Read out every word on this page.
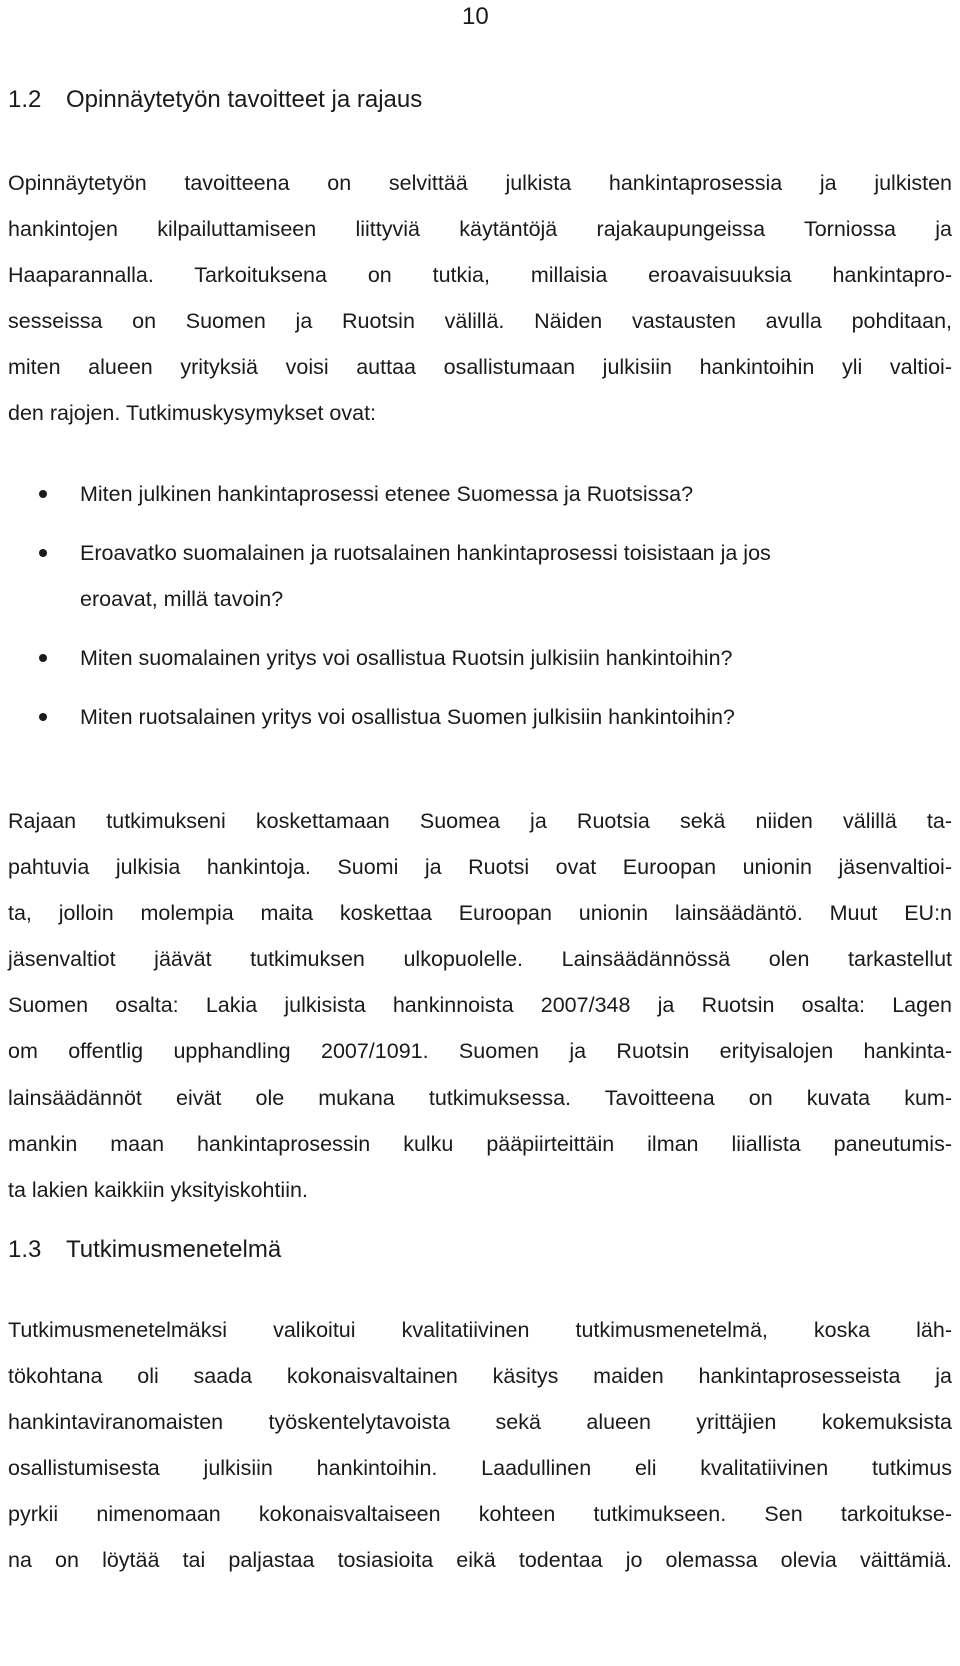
10
1.2 Opinnäytetyön tavoitteet ja rajaus
Opinnäytetyön tavoitteena on selvittää julkista hankintaprosessia ja julkisten
hankintojen kilpailuttamiseen liittyviä käytäntöjä rajakaupungeissa Torniossa ja
Haaparannalla. Tarkoituksena on tutkia, millaisia eroavaisuuksia hankintapro-
sesseissa on Suomen ja Ruotsin välillä. Näiden vastausten avulla pohditaan,
miten alueen yrityksiä voisi auttaa osallistumaan julkisiin hankintoihin yli valtioi-
den rajojen. Tutkimuskysymykset ovat:
Miten julkinen hankintaprosessi etenee Suomessa ja Ruotsissa?
Eroavatko suomalainen ja ruotsalainen hankintaprosessi toisistaan ja jos
eroavat, millä tavoin?
Miten suomalainen yritys voi osallistua Ruotsin julkisiin hankintoihin?
Miten ruotsalainen yritys voi osallistua Suomen julkisiin hankintoihin?
Rajaan tutkimukseni koskettamaan Suomea ja Ruotsia sekä niiden välillä ta-
pahtuvia julkisia hankintoja. Suomi ja Ruotsi ovat Euroopan unionin jäsenvaltioi-
ta, jolloin molempia maita koskettaa Euroopan unionin lainsäädäntö. Muut EU:n
jäsenvaltiot jäävät tutkimuksen ulkopuolelle. Lainsäädännössä olen tarkastellut
Suomen osalta: Lakia julkisista hankinnoista 2007/348 ja Ruotsin osalta: Lagen
om offentlig upphandling 2007/1091. Suomen ja Ruotsin erityisalojen hankinta-
lainsäädännöt eivät ole mukana tutkimuksessa. Tavoitteena on kuvata kum-
mankin maan hankintaprosessin kulku pääpiirteittäin ilman liiallista paneutumis-
ta lakien kaikkiin yksityiskohtiin.
1.3 Tutkimusmenetelmä
Tutkimusmenetelmäksi valikoitui kvalitatiivinen tutkimusmenetelmä, koska läh-
tökohtana oli saada kokonaisvaltainen käsitys maiden hankintaprosesseista ja
hankintaviranomaisten työskentelytavoista sekä alueen yrittäjien kokemuksista
osallistumisesta julkisiin hankintoihin. Laadullinen eli kvalitatiivinen tutkimus
pyrkii nimenomaan kokonaisvaltaiseen kohteen tutkimukseen. Sen tarkoitukse-
na on löytää tai paljastaa tosiasioita eikä todentaa jo olemassa olevia väittämiä.
